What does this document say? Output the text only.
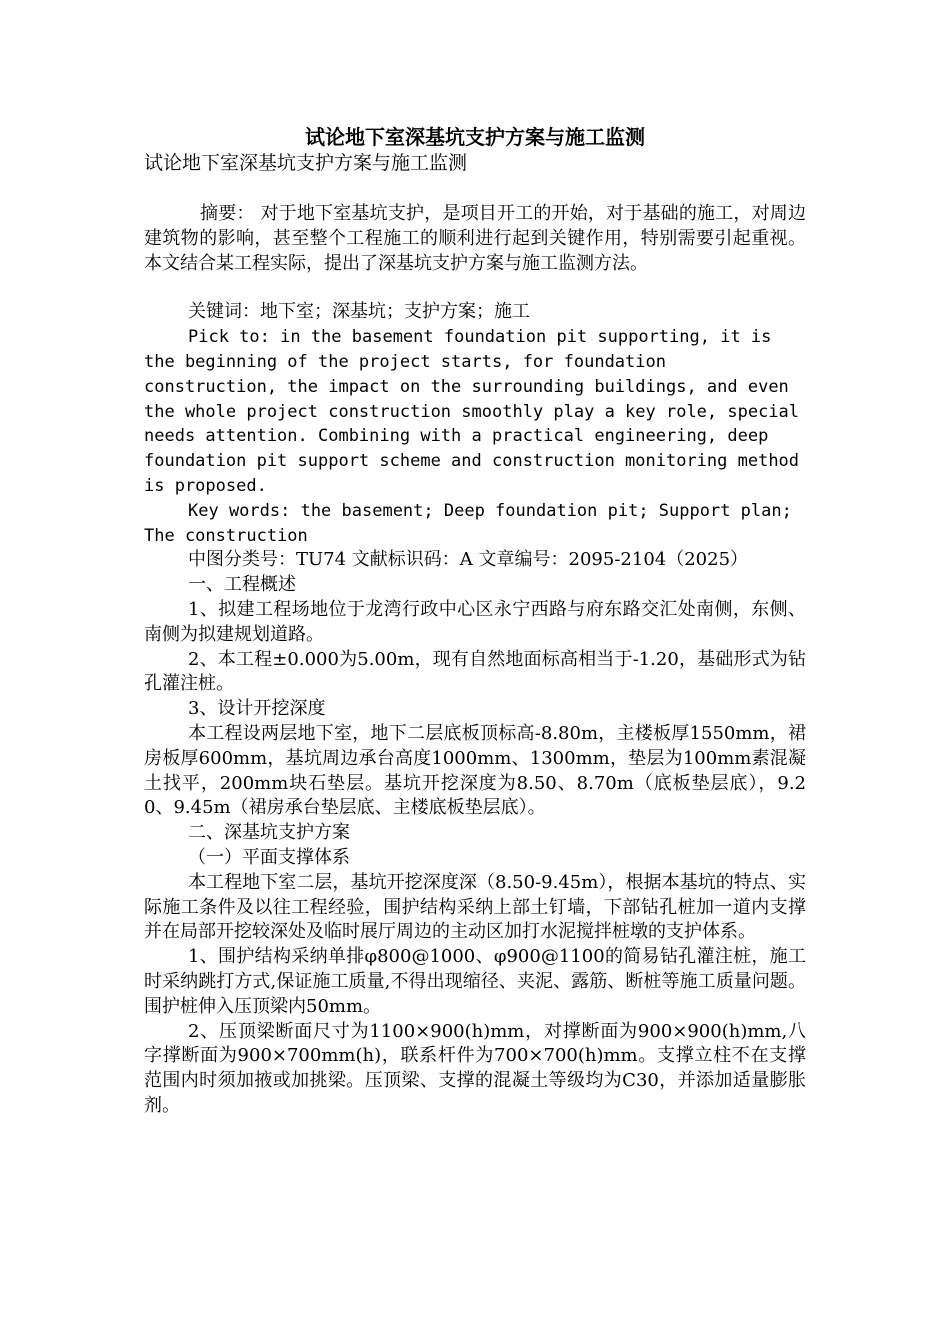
试论地下室深基坑支护方案与施工监测
试论地下室深基坑支护方案与施工监测

摘要： 对于地下室基坑支护，是项目开工的开始，对于基础的施工，对周边建筑物的影响，甚至整个工程施工的顺利进行起到关键作用，特别需要引起重视。本文结合某工程实际，提出了深基坑支护方案与施工监测方法。

关键词：地下室；深基坑；支护方案；施工

Pick to: in the basement foundation pit supporting, it is the beginning of the project starts, for foundation construction, the impact on the surrounding buildings, and even the whole project construction smoothly play a key role, special needs attention. Combining with a practical engineering, deep foundation pit support scheme and construction monitoring method is proposed.

Key words: the basement; Deep foundation pit; Support plan; The construction

中图分类号：TU74 文献标识码：A 文章编号：2095-2104（2025）

一、工程概述

1、拟建工程场地位于龙湾行政中心区永宁西路与府东路交汇处南侧，东侧、南侧为拟建规划道路。

2、本工程±0.000为5.00m，现有自然地面标高相当于-1.20，基础形式为钻孔灌注桩。

3、设计开挖深度

本工程设两层地下室，地下二层底板顶标高-8.80m，主楼板厚1550mm，裙房板厚600mm，基坑周边承台高度1000mm、1300mm，垫层为100mm素混凝土找平，200mm块石垫层。基坑开挖深度为8.50、8.70m（底板垫层底），9.20、9.45m（裙房承台垫层底、主楼底板垫层底）。

二、深基坑支护方案

（一）平面支撑体系

本工程地下室二层，基坑开挖深度深（8.50-9.45m），根据本基坑的特点、实际施工条件及以往工程经验，围护结构采纳上部土钉墙，下部钻孔桩加一道内支撑并在局部开挖较深处及临时展厅周边的主动区加打水泥搅拌桩墩的支护体系。

1、围护结构采纳单排φ800@1000、φ900@1100的简易钻孔灌注桩，施工时采纳跳打方式,保证施工质量,不得出现缩径、夹泥、露筋、断桩等施工质量问题。围护桩伸入压顶梁内50mm。

2、压顶梁断面尺寸为1100×900(h)mm，对撑断面为900×900(h)mm,八字撑断面为900×700mm(h)，联系杆件为700×700(h)mm。支撑立柱不在支撑范围内时须加掖或加挑梁。压顶梁、支撑的混凝土等级均为C30，并添加适量膨胀剂。
